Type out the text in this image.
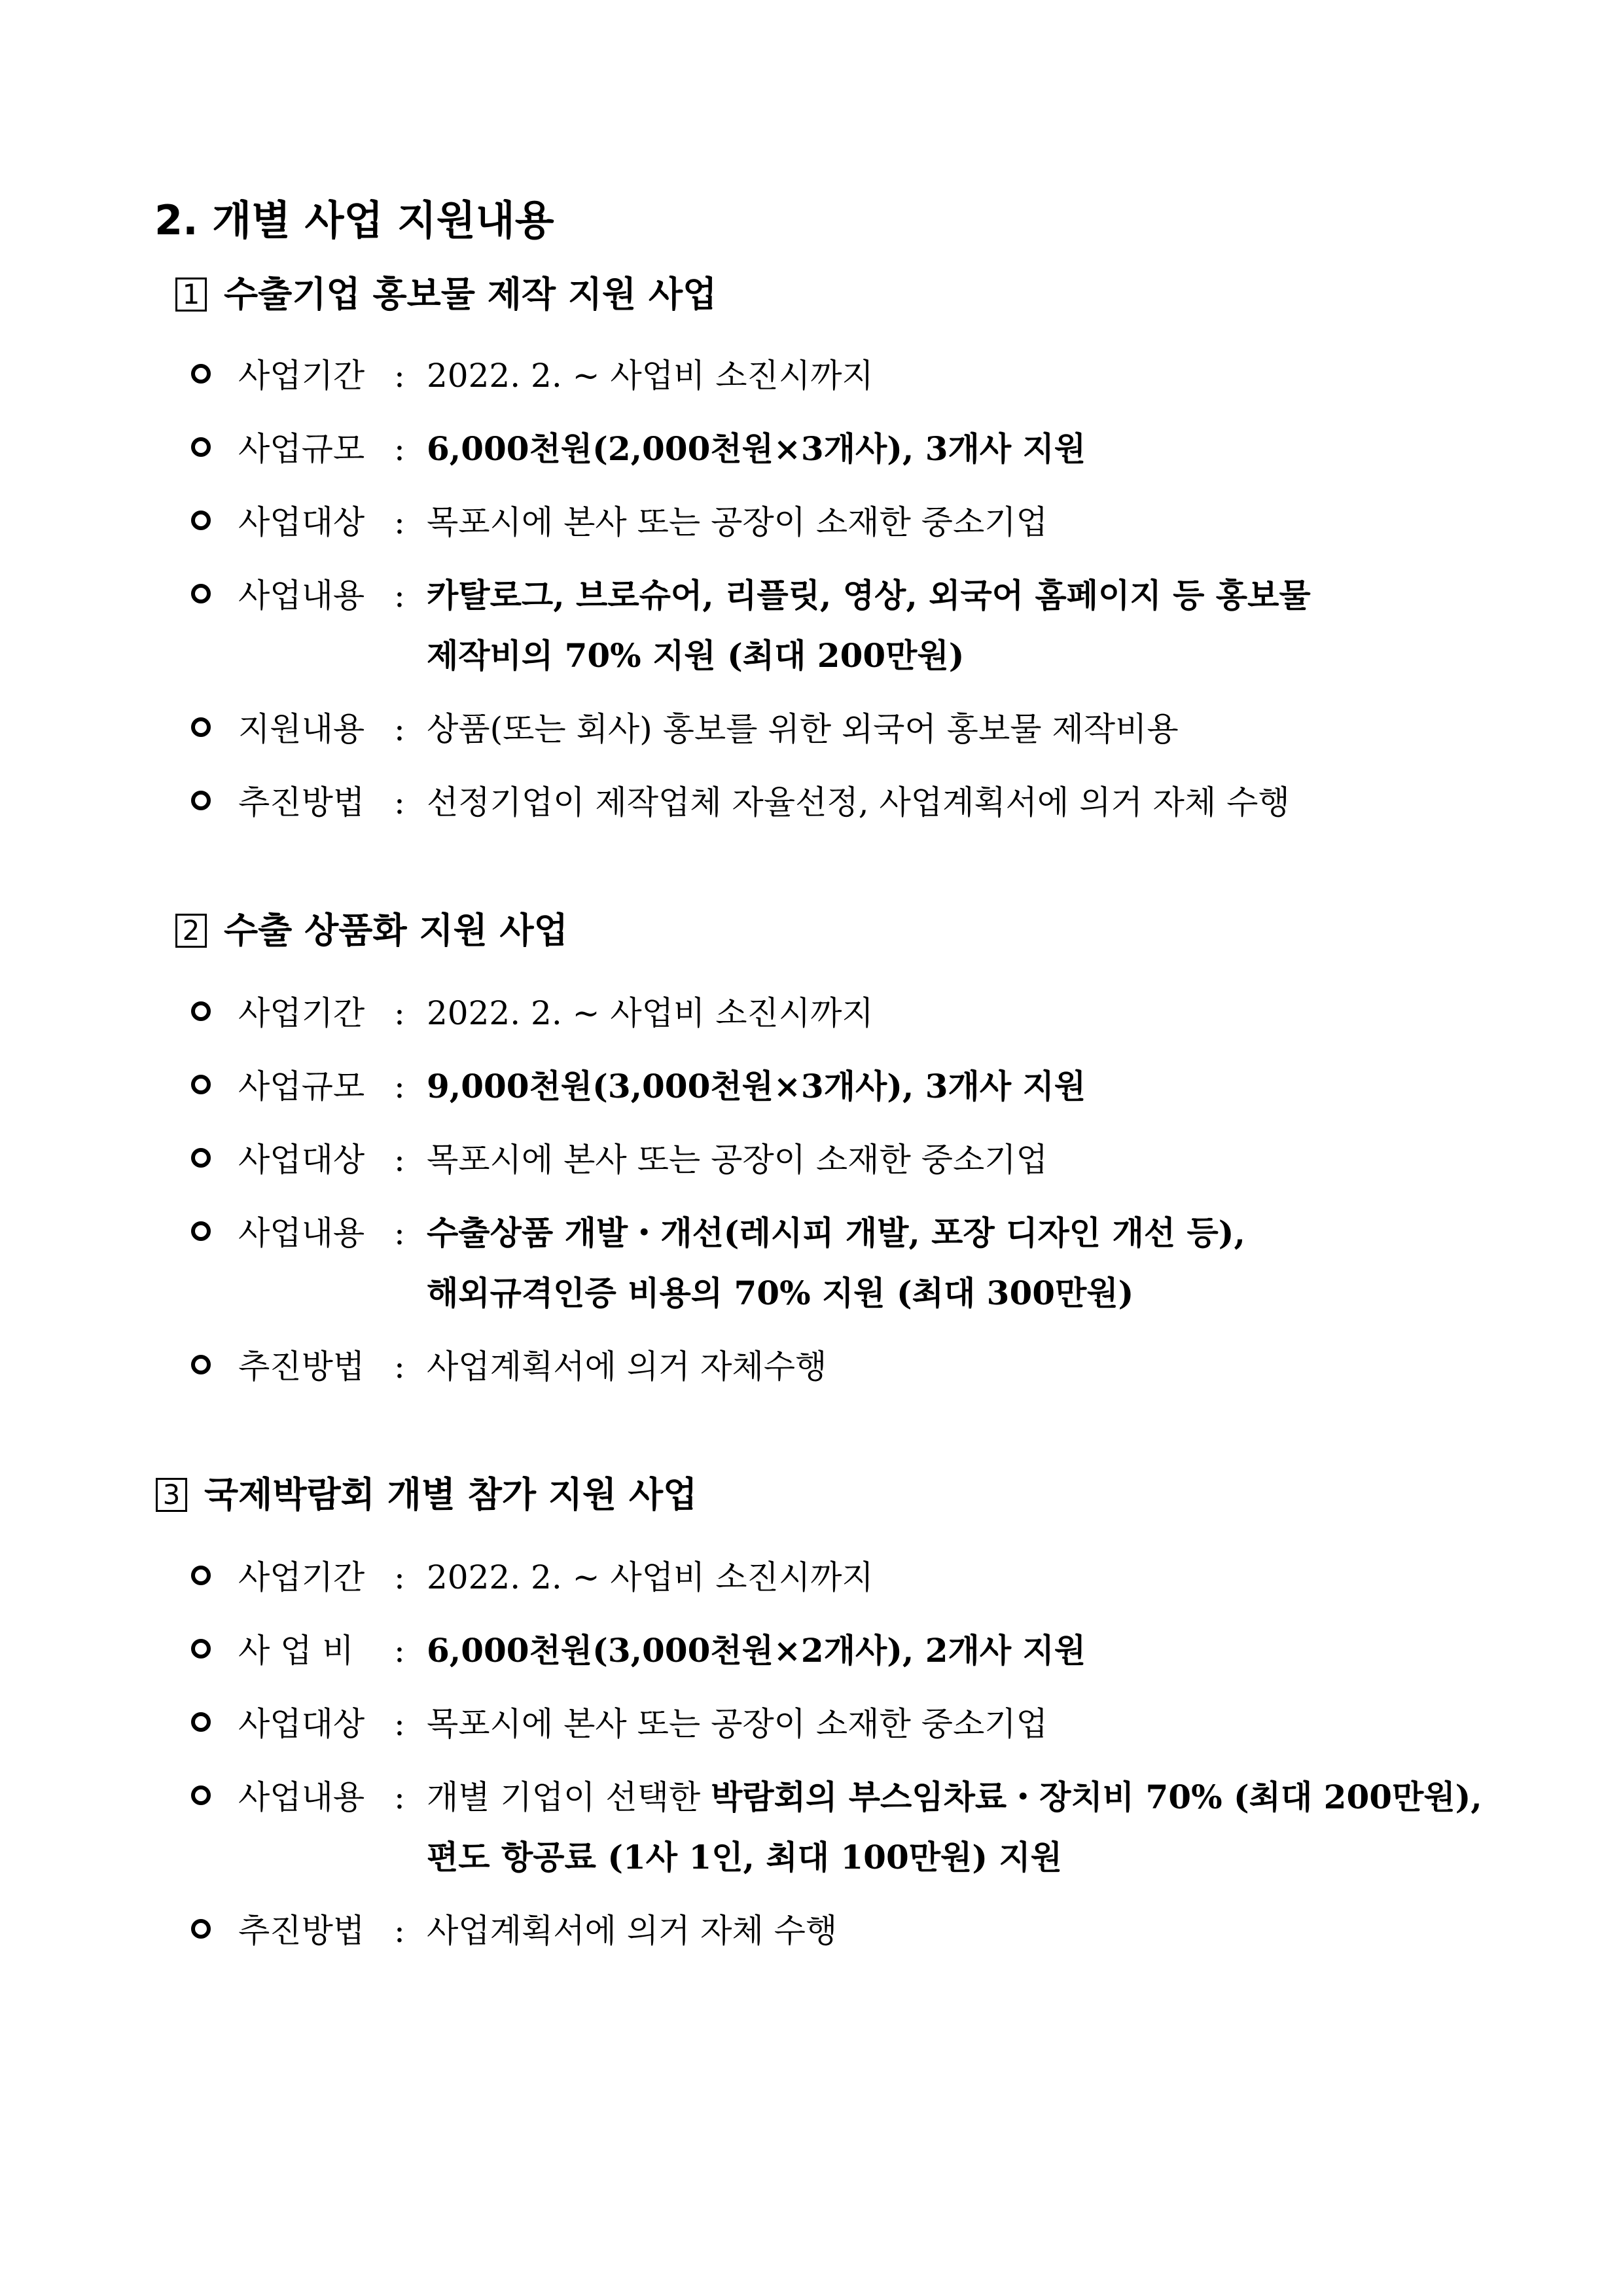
2. 개별 사업 지원내용
1 수출기업 홍보물 제작 지원 사업
사업기간 : 2022. 2. ~ 사업비 소진시까지
사업규모 : 6,000천원(2,000천원×3개사), 3개사 지원
사업대상 : 목포시에 본사 또는 공장이 소재한 중소기업
사업내용 : 카탈로그, 브로슈어, 리플릿, 영상, 외국어 홈페이지 등 홍보물
제작비의 70% 지원 (최대 200만원)
지원내용 : 상품(또는 회사) 홍보를 위한 외국어 홍보물 제작비용
추진방법 : 선정기업이 제작업체 자율선정, 사업계획서에 의거 자체 수행
2 수출 상품화 지원 사업
사업기간 : 2022. 2. ~ 사업비 소진시까지
사업규모 : 9,000천원(3,000천원×3개사), 3개사 지원
사업대상 : 목포시에 본사 또는 공장이 소재한 중소기업
사업내용 : 수출상품 개발・개선(레시피 개발, 포장 디자인 개선 등),
해외규격인증 비용의 70% 지원 (최대 300만원)
추진방법 : 사업계획서에 의거 자체수행
3 국제박람회 개별 참가 지원 사업
사업기간 : 2022. 2. ~ 사업비 소진시까지
사 업 비	: 6,000천원(3,000천원×2개사), 2개사 지원
사업대상 : 목포시에 본사 또는 공장이 소재한 중소기업
사업내용 : 개별 기업이 선택한 박람회의 부스임차료・장치비 70% (최대 200만원),
편도 항공료 (1사 1인, 최대 100만원) 지원
추진방법 : 사업계획서에 의거 자체 수행
